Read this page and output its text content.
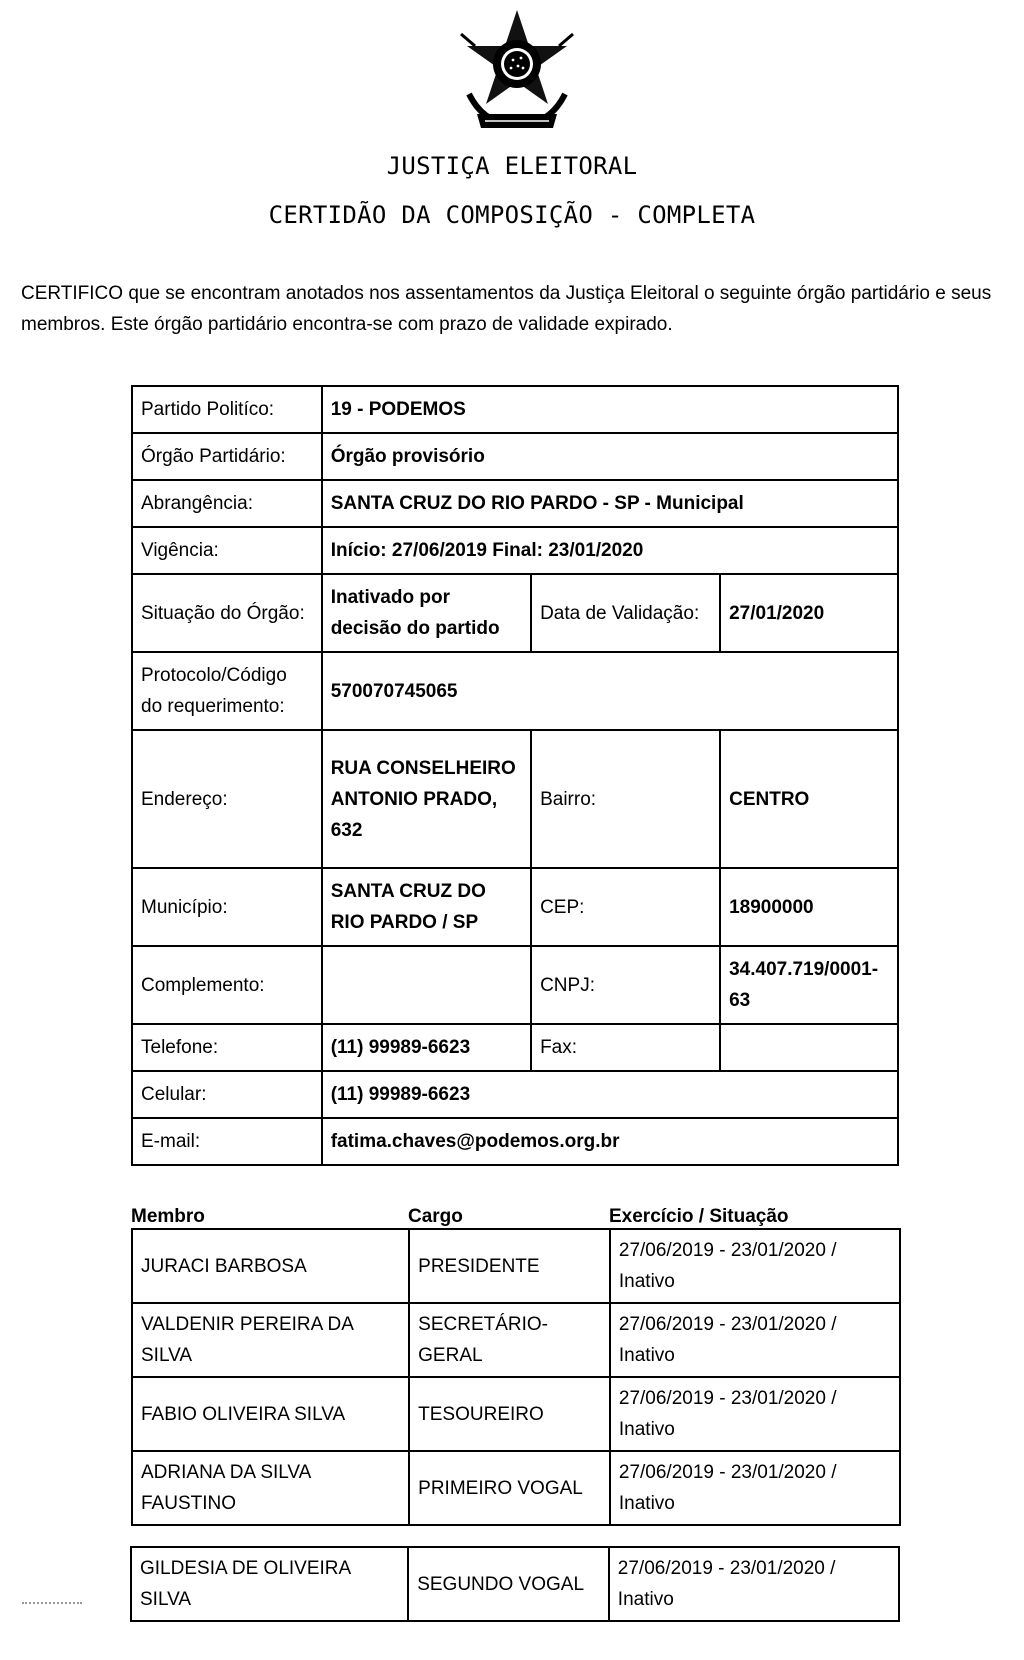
JUSTIÇA ELEITORAL
CERTIDÃO DA COMPOSIÇÃO - COMPLETA
CERTIFICO que se encontram anotados nos assentamentos da Justiça Eleitoral o seguinte órgão partidário e seus membros. Este órgão partidário encontra-se com prazo de validade expirado.
Partido Politíco:	19 - PODEMOS		
Órgão Partidário:	Órgão provisório		
Abrangência:	SANTA CRUZ DO RIO PARDO - SP - Municipal		
Vigência:	Início: 27/06/2019 Final: 23/01/2020		
Situação do Órgão:	Inativado por decisão do partido	Data de Validação:	27/01/2020
Protocolo/Código do requerimento:	570070745065		
Endereço:	RUA CONSELHEIRO ANTONIO PRADO, 632	Bairro:	CENTRO
Município:	SANTA CRUZ DO RIO PARDO / SP	CEP:	18900000
Complemento:		CNPJ:	34.407.719/0001-63
Telefone:	(11) 99989-6623	Fax:	
Celular:	(11) 99989-6623		
E-mail:	fatima.chaves@podemos.org.br		
Membro	Cargo	Exercício / Situação
JURACI BARBOSA	PRESIDENTE	27/06/2019 - 23/01/2020 / Inativo
VALDENIR PEREIRA DA SILVA	SECRETÁRIO-GERAL	27/06/2019 - 23/01/2020 / Inativo
FABIO OLIVEIRA SILVA	TESOUREIRO	27/06/2019 - 23/01/2020 / Inativo
ADRIANA DA SILVA FAUSTINO	PRIMEIRO VOGAL	27/06/2019 - 23/01/2020 / Inativo
GILDESIA DE OLIVEIRA SILVA	SEGUNDO VOGAL	27/06/2019 - 23/01/2020 / Inativo
